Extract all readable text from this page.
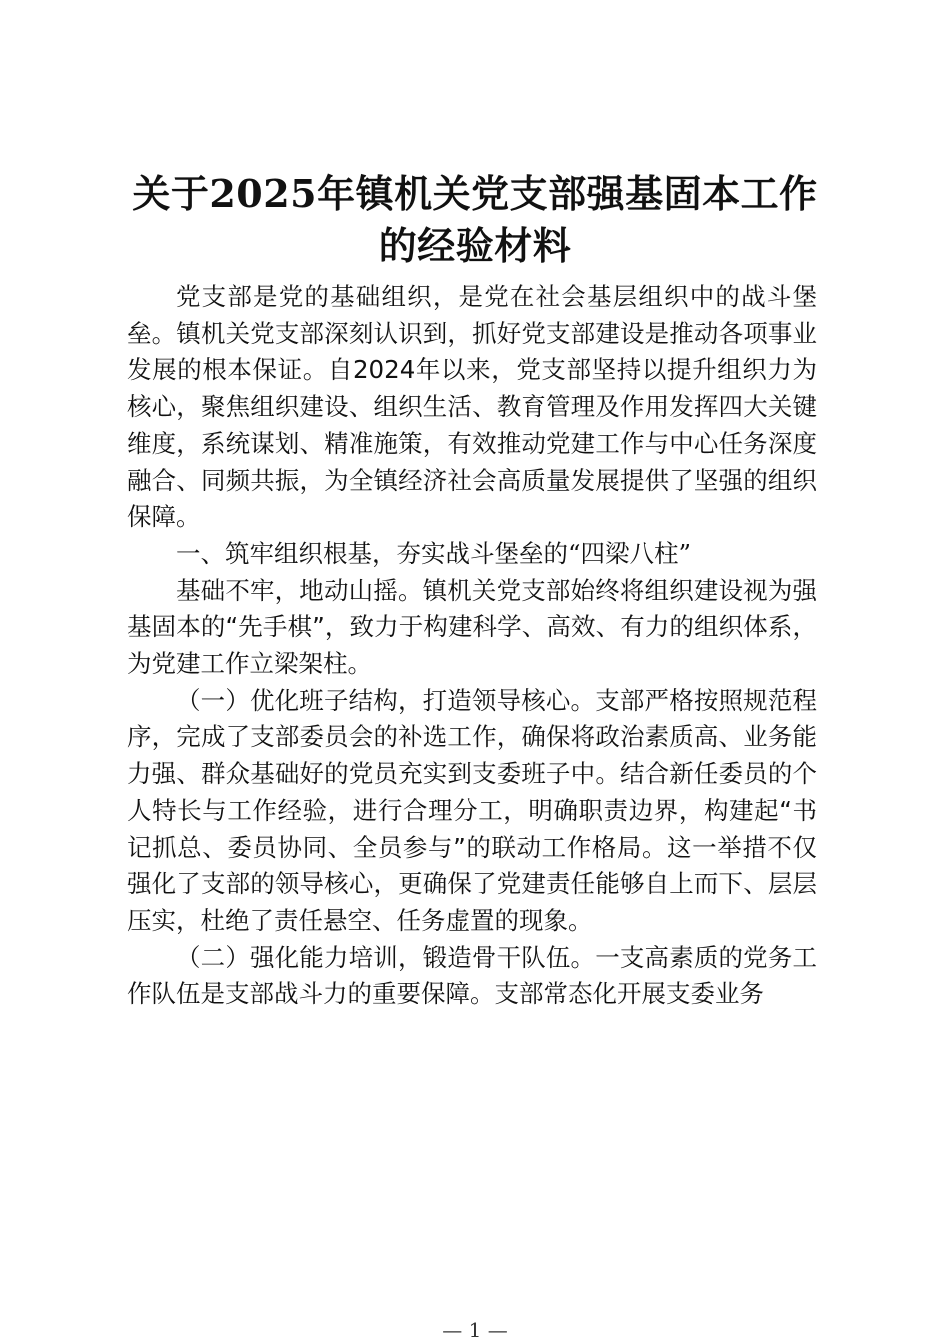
关于2025年镇机关党支部强基固本工作的经验材料

党支部是党的基础组织，是党在社会基层组织中的战斗堡垒。镇机关党支部深刻认识到，抓好党支部建设是推动各项事业发展的根本保证。自2024年以来，党支部坚持以提升组织力为核心，聚焦组织建设、组织生活、教育管理及作用发挥四大关键维度，系统谋划、精准施策，有效推动党建工作与中心任务深度融合、同频共振，为全镇经济社会高质量发展提供了坚强的组织保障。

一、筑牢组织根基，夯实战斗堡垒的“四梁八柱”

基础不牢，地动山摇。镇机关党支部始终将组织建设视为强基固本的“先手棋”，致力于构建科学、高效、有力的组织体系，为党建工作立梁架柱。

（一）优化班子结构，打造领导核心。支部严格按照规范程序，完成了支部委员会的补选工作，确保将政治素质高、业务能力强、群众基础好的党员充实到支委班子中。结合新任委员的个人特长与工作经验，进行合理分工，明确职责边界，构建起“书记抓总、委员协同、全员参与”的联动工作格局。这一举措不仅强化了支部的领导核心，更确保了党建责任能够自上而下、层层压实，杜绝了责任悬空、任务虚置的现象。

（二）强化能力培训，锻造骨干队伍。一支高素质的党务工作队伍是支部战斗力的重要保障。支部常态化开展支委业务

— 1 —
